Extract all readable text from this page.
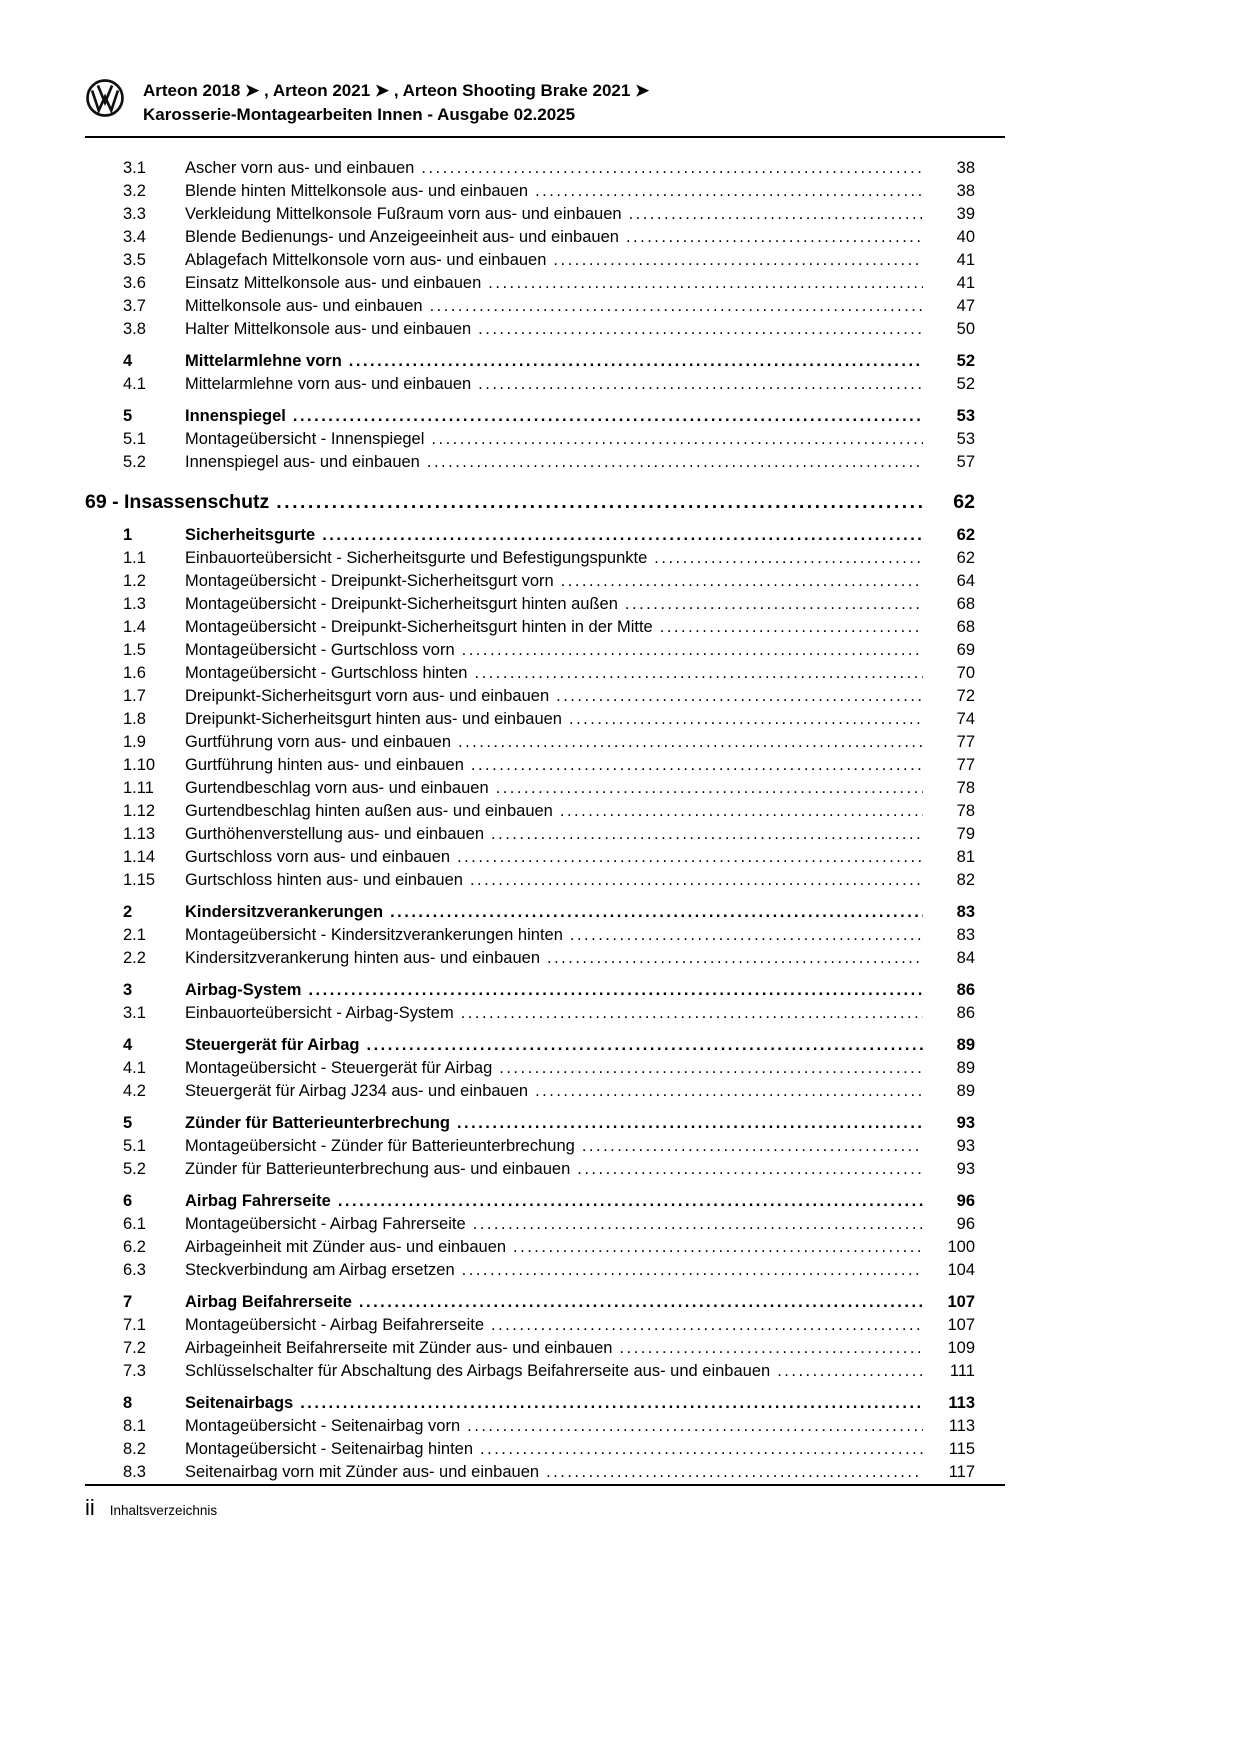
Arteon 2018 ➤ , Arteon 2021 ➤ , Arteon Shooting Brake 2021 ➤
Karosserie-Montagearbeiten Innen - Ausgabe 02.2025
3.1	Ascher vorn aus- und einbauen .....	38
3.2	Blende hinten Mittelkonsole aus- und einbauen .....	38
3.3	Verkleidung Mittelkonsole Fußraum vorn aus- und einbauen .....	39
3.4	Blende Bedienungs- und Anzeigeeinheit aus- und einbauen .....	40
3.5	Ablagefach Mittelkonsole vorn aus- und einbauen .....	41
3.6	Einsatz Mittelkonsole aus- und einbauen .....	41
3.7	Mittelkonsole aus- und einbauen .....	47
3.8	Halter Mittelkonsole aus- und einbauen .....	50
4	Mittelarmlehne vorn .....	52
4.1	Mittelarmlehne vorn aus- und einbauen .....	52
5	Innenspiegel .....	53
5.1	Montageübersicht - Innenspiegel .....	53
5.2	Innenspiegel aus- und einbauen .....	57
69 - Insassenschutz .....	62
1	Sicherheitsgurte .....	62
1.1	Einbauorteübersicht - Sicherheitsgurte und Befestigungspunkte .....	62
1.2	Montageübersicht - Dreipunkt-Sicherheitsgurt vorn .....	64
1.3	Montageübersicht - Dreipunkt-Sicherheitsgurt hinten außen .....	68
1.4	Montageübersicht - Dreipunkt-Sicherheitsgurt hinten in der Mitte .....	68
1.5	Montageübersicht - Gurtschloss vorn .....	69
1.6	Montageübersicht - Gurtschloss hinten .....	70
1.7	Dreipunkt-Sicherheitsgurt vorn aus- und einbauen .....	72
1.8	Dreipunkt-Sicherheitsgurt hinten aus- und einbauen .....	74
1.9	Gurtführung vorn aus- und einbauen .....	77
1.10	Gurtführung hinten aus- und einbauen .....	77
1.11	Gurtendbeschlag vorn aus- und einbauen .....	78
1.12	Gurtendbeschlag hinten außen aus- und einbauen .....	78
1.13	Gurthöhenverstellung aus- und einbauen .....	79
1.14	Gurtschloss vorn aus- und einbauen .....	81
1.15	Gurtschloss hinten aus- und einbauen .....	82
2	Kindersitzverankerungen .....	83
2.1	Montageübersicht - Kindersitzverankerungen hinten .....	83
2.2	Kindersitzverankerung hinten aus- und einbauen .....	84
3	Airbag-System .....	86
3.1	Einbauorteübersicht - Airbag-System .....	86
4	Steuergerät für Airbag .....	89
4.1	Montageübersicht - Steuergerät für Airbag .....	89
4.2	Steuergerät für Airbag J234 aus- und einbauen .....	89
5	Zünder für Batterieunterbrechung .....	93
5.1	Montageübersicht - Zünder für Batterieunterbrechung .....	93
5.2	Zünder für Batterieunterbrechung aus- und einbauen .....	93
6	Airbag Fahrerseite .....	96
6.1	Montageübersicht - Airbag Fahrerseite .....	96
6.2	Airbageinheit mit Zünder aus- und einbauen .....	100
6.3	Steckverbindung am Airbag ersetzen .....	104
7	Airbag Beifahrerseite .....	107
7.1	Montageübersicht - Airbag Beifahrerseite .....	107
7.2	Airbageinheit Beifahrerseite mit Zünder aus- und einbauen .....	109
7.3	Schlüsselschalter für Abschaltung des Airbags Beifahrerseite aus- und einbauen .....	111
8	Seitenairbags .....	113
8.1	Montageübersicht - Seitenairbag vorn .....	113
8.2	Montageübersicht - Seitenairbag hinten .....	115
8.3	Seitenairbag vorn mit Zünder aus- und einbauen .....	117
ii Inhaltsverzeichnis
